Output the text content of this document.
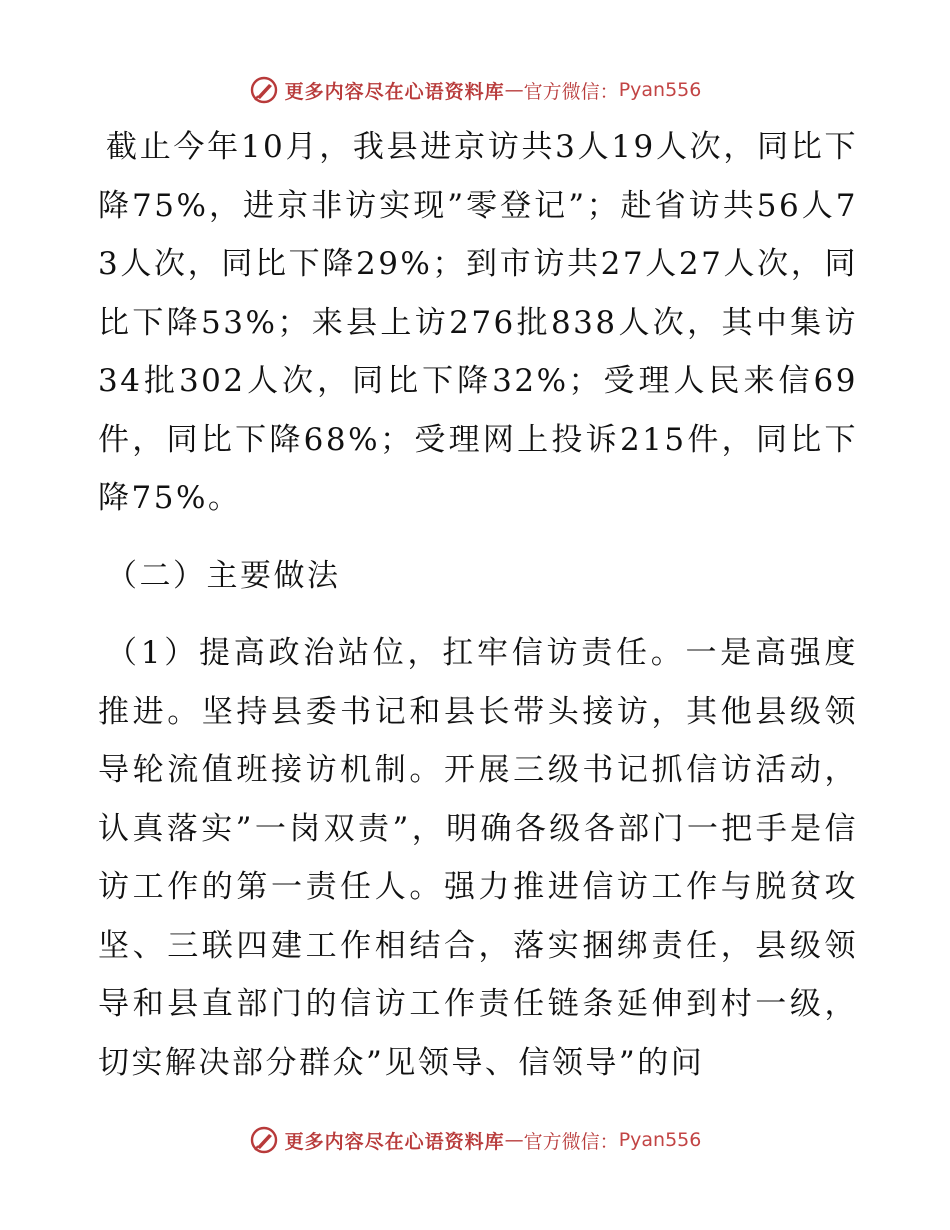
更多内容尽在心语资料库 — 官方微信： Pyan556

截止今年10月，我县进京访共3人19人次，同比下降75%，进京非访实现”零登记”；赴省访共56人73人次，同比下降29%；到市访共27人27人次，同比下降53%；来县上访276批838人次，其中集访34批302人次，同比下降32%；受理人民来信69件，同比下降68%；受理网上投诉215件，同比下降75%。

（二）主要做法

（1）提高政治站位，扛牢信访责任。一是高强度推进。坚持县委书记和县长带头接访，其他县级领导轮流值班接访机制。开展三级书记抓信访活动，认真落实”一岗双责”，明确各级各部门一把手是信访工作的第一责任人。强力推进信访工作与脱贫攻坚、三联四建工作相结合，落实捆绑责任，县级领导和县直部门的信访工作责任链条延伸到村一级，切实解决部分群众”见领导、信领导”的问

更多内容尽在心语资料库 — 官方微信： Pyan556
